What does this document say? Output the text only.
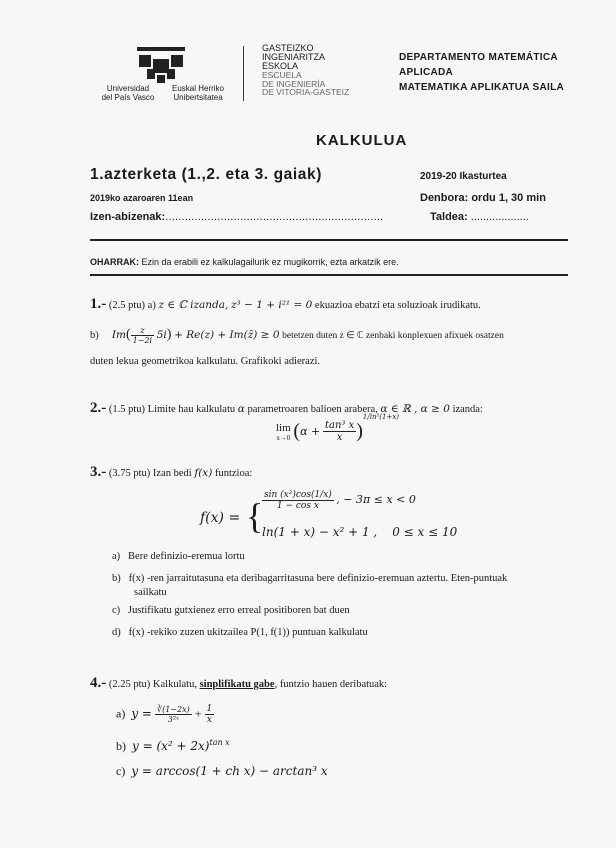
UPV/EHU
Universidad
del País Vasco
Euskal Herriko
Unibertsitatea
GASTEIZKO
INGENIARITZA
ESKOLA
ESCUELA
DE INGENIERÍA
DE VITORIA-GASTEIZ
DEPARTAMENTO MATEMÁTICA
APLICADA
MATEMATIKA APLIKATUA SAILA
KALKULUA
1.azterketa (1.,2. eta 3. gaiak)	2019-20 Ikasturtea
2019ko azaroaren 11ean	Denbora: ordu 1, 30 min
Izen-abizenak:...................................................................	Taldea: ...................
OHARRAK: Ezin da erabili ez kalkulagailurik ez mugikorrik, ezta arkatzik ere.
1.- (2.5 ptu) a) z ∈ ℂ izanda, z³ − 1 + i²¹ = 0 ekuazioa ebatzi eta soluzioak irudikatu.
b) $Im( \frac{z}{1-2i} 5i) + Re(z)$ + Im(z̄) ≥ 0 betetzen duten z ∈ ℂ zenbaki konplexuen afixuek osatzen
duten lekua geometrikoa kalkulatu. Grafikoki adierazi.
2.- (1.5 ptu) Limite hau kalkulatu α parametroaren balioen arabera, α ∈ ℝ , α ≥ 0 izanda:
lim
x→0 $(\alpha + \frac{\text{tan³ x}}{x} )^{1/ln^2(1+x)}$
3.- (3.75 ptu) Izan bedi f(x) funtzioa:
f(x) = {
$\frac{\text{sin (x²)cos(1/x)}}{\text{1 − cos x}}$ , − 3π ≤ x < 0
ln(1 + x) − x² + 1 , 0 ≤ x ≤ 10
a) Bere definizio-eremua lortu
b) f(x) -ren jarraitutasuna eta deribagarritasuna bere definizio-eremuan aztertu. Eten-puntuak
sailkatu
c) Justifikatu gutxienez erro erreal positiboren bat duen
d) f(x) -rekiko zuzen ukitzailea P(1, f(1)) puntuan kalkulatu
4.- (2.25 ptu) Kalkulatu, sinplifikatu gabe, funtzio hauen deribatuak:
a) $y = \frac{∛(1-2x)}{\text{3²ˣ}} + \frac{1}{x}$
b) $y = (x^2 + 2x)^{tan x}$
c) y = arccos(1 + ch x) − arctan³ x
